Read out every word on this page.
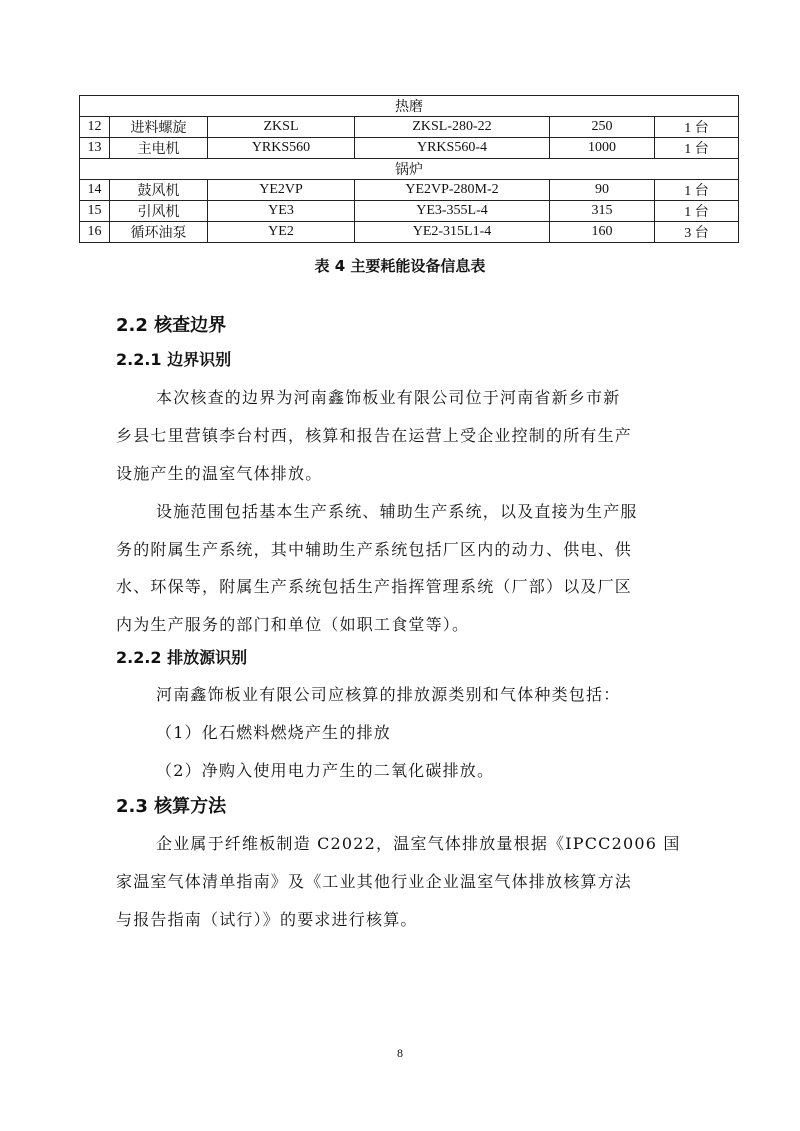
热磨					
12	进料螺旋	ZKSL	ZKSL-280-22	250	1 台
13	主电机	YRKS560	YRKS560-4	1000	1 台
锅炉					
14	鼓风机	YE2VP	YE2VP-280M-2	90	1 台
15	引风机	YE3	YE3-355L-4	315	1 台
16	循环油泵	YE2	YE2-315L1-4	160	3 台
表 4 主要耗能设备信息表
2.2 核查边界
2.2.1 边界识别
本次核查的边界为河南鑫饰板业有限公司位于河南省新乡市新
乡县七里营镇李台村西，核算和报告在运营上受企业控制的所有生产
设施产生的温室气体排放。
设施范围包括基本生产系统、辅助生产系统，以及直接为生产服
务的附属生产系统，其中辅助生产系统包括厂区内的动力、供电、供
水、环保等，附属生产系统包括生产指挥管理系统（厂部）以及厂区
内为生产服务的部门和单位（如职工食堂等）。
2.2.2 排放源识别
河南鑫饰板业有限公司应核算的排放源类别和气体种类包括：
（1）化石燃料燃烧产生的排放
（2）净购入使用电力产生的二氧化碳排放。
2.3 核算方法
企业属于纤维板制造 C2022，温室气体排放量根据《IPCC2006 国
家温室气体清单指南》及《工业其他行业企业温室气体排放核算方法
与报告指南（试行）》的要求进行核算。
8
